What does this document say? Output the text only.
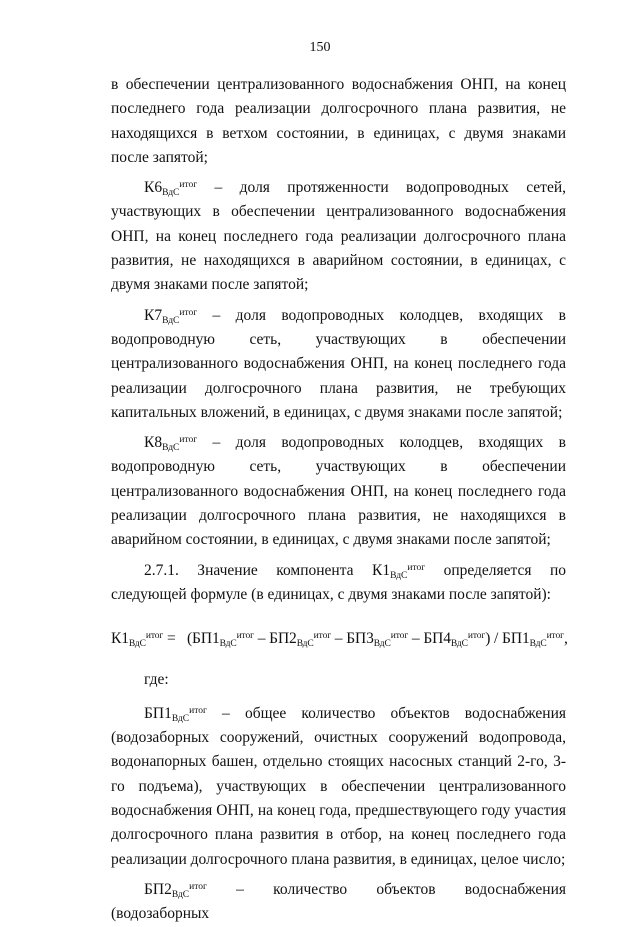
150

в обеспечении централизованного водоснабжения ОНП, на конец последнего года реализации долгосрочного плана развития, не находящихся в ветхом состоянии, в единицах, с двумя знаками после запятой;

$К6_{ВдС}^{итог}$ – доля протяженности водопроводных сетей, участвующих в обеспечении централизованного водоснабжения ОНП, на конец последнего года реализации долгосрочного плана развития, не находящихся в аварийном состоянии, в единицах, с двумя знаками после запятой;

$К7_{ВдС}^{итог}$ – доля водопроводных колодцев, входящих в водопроводную сеть, участвующих в обеспечении централизованного водоснабжения ОНП, на конец последнего года реализации долгосрочного плана развития, не требующих капитальных вложений, в единицах, с двумя знаками после запятой;

$К8_{ВдС}^{итог}$ – доля водопроводных колодцев, входящих в водопроводную сеть, участвующих в обеспечении централизованного водоснабжения ОНП, на конец последнего года реализации долгосрочного плана развития, не находящихся в аварийном состоянии, в единицах, с двумя знаками после запятой;

2.7.1. Значение компонента $К1_{ВдС}^{итог}$ определяется по следующей формуле (в единицах, с двумя знаками после запятой):

$К1_{ВдС}^{итог} = (БП1_{ВдС}^{итог} - БП2_{ВдС}^{итог} - БП3_{ВдС}^{итог} - БП4_{ВдС}^{итог}) / БП1_{ВдС}^{итог}$,

где:

$БП1_{ВдС}^{итог}$ – общее количество объектов водоснабжения (водозаборных сооружений, очистных сооружений водопровода, водонапорных башен, отдельно стоящих насосных станций 2-го, 3-го подъема), участвующих в обеспечении централизованного водоснабжения ОНП, на конец года, предшествующего году участия долгосрочного плана развития в отбор, на конец последнего года реализации долгосрочного плана развития, в единицах, целое число;

$БП2_{ВдС}^{итог}$ – количество объектов водоснабжения (водозаборных
